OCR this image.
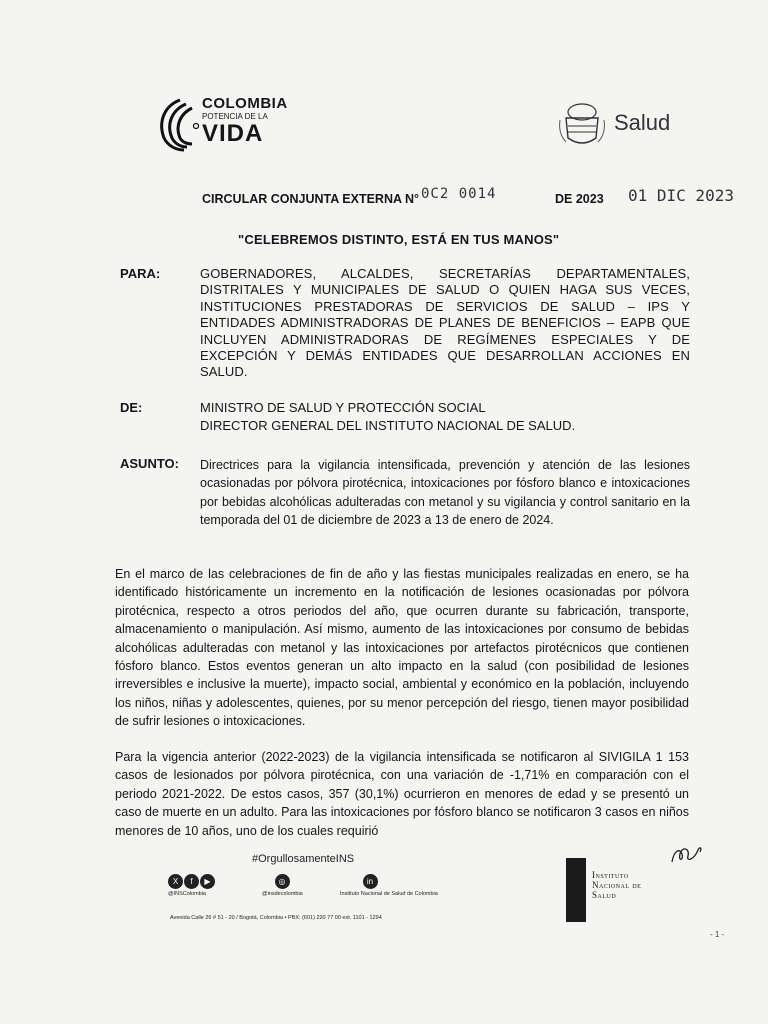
COLOMBIA
POTENCIA DE LA
VIDA	Salud
CIRCULAR CONJUNTA EXTERNA N° 0C2 0014	DE 2023 01 DIC 2023
"CELEBREMOS DISTINTO, ESTÁ EN TUS MANOS"
PARA:	GOBERNADORES, ALCALDES, SECRETARÍAS DEPARTAMENTALES, DISTRITALES Y MUNICIPALES DE SALUD O QUIEN HAGA SUS VECES, INSTITUCIONES PRESTADORAS DE SERVICIOS DE SALUD – IPS Y ENTIDADES ADMINISTRADORAS DE PLANES DE BENEFICIOS – EAPB QUE INCLUYEN ADMINISTRADORAS DE REGÍMENES ESPECIALES Y DE EXCEPCIÓN Y DEMÁS ENTIDADES QUE DESARROLLAN ACCIONES EN SALUD.
DE:	MINISTRO DE SALUD Y PROTECCIÓN SOCIAL
DIRECTOR GENERAL DEL INSTITUTO NACIONAL DE SALUD.
ASUNTO: Directrices para la vigilancia intensificada, prevención y atención de las lesiones ocasionadas por pólvora pirotécnica, intoxicaciones por fósforo blanco e intoxicaciones por bebidas alcohólicas adulteradas con metanol y su vigilancia y control sanitario en la temporada del 01 de diciembre de 2023 a 13 de enero de 2024.
En el marco de las celebraciones de fin de año y las fiestas municipales realizadas en enero, se ha identificado históricamente un incremento en la notificación de lesiones ocasionadas por pólvora pirotécnica, respecto a otros periodos del año, que ocurren durante su fabricación, transporte, almacenamiento o manipulación. Así mismo, aumento de las intoxicaciones por consumo de bebidas alcohólicas adulteradas con metanol y las intoxicaciones por artefactos pirotécnicos que contienen fósforo blanco. Estos eventos generan un alto impacto en la salud (con posibilidad de lesiones irreversibles e inclusive la muerte), impacto social, ambiental y económico en la población, incluyendo los niños, niñas y adolescentes, quienes, por su menor percepción del riesgo, tienen mayor posibilidad de sufrir lesiones o intoxicaciones.
Para la vigencia anterior (2022-2023) de la vigilancia intensificada se notificaron al SIVIGILA 1 153 casos de lesionados por pólvora pirotécnica, con una variación de -1,71% en comparación con el periodo 2021-2022. De estos casos, 357 (30,1%) ocurrieron en menores de edad y se presentó un caso de muerte en un adulto. Para las intoxicaciones por fósforo blanco se notificaron 3 casos en niños menores de 10 años, uno de los cuales requirió
#OrgullosamenteINS
X	f	▶
@INSColombia
◎
@insdecolombia
in
Instituto Nacional de Salud de Colombia
Avenida Calle 26 # 51 - 20 / Bogotá, Colombia • PBX: (601) 220 77 00 ext. 1101 - 1294
Instituto
Nacional de
Salud
- 1 -
